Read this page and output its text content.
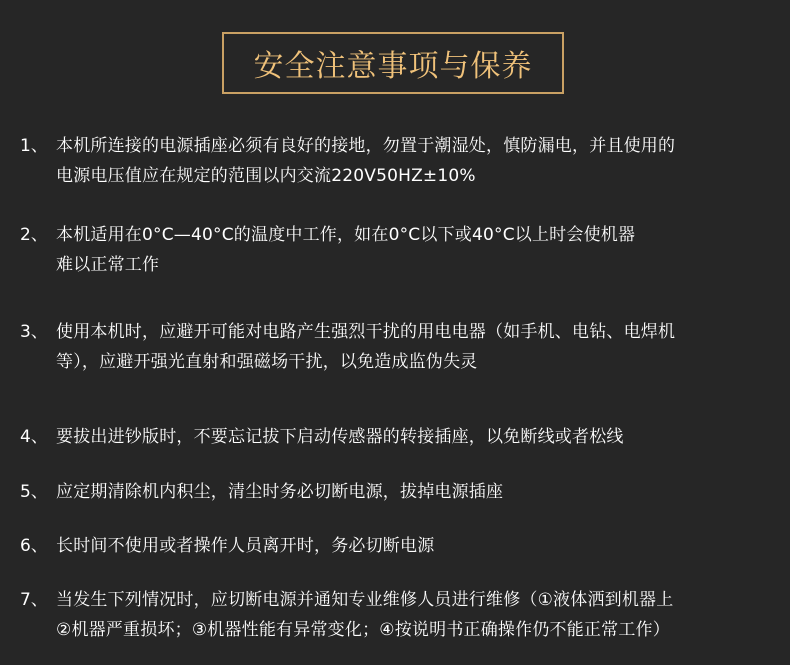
安全注意事项与保养
1、 本机所连接的电源插座必须有良好的接地，勿置于潮湿处，慎防漏电，并且使用的
电源电压值应在规定的范围以内交流220V50HZ±10%
2、 本机适用在0°C—40°C的温度中工作，如在0°C以下或40°C以上时会使机器
难以正常工作
3、 使用本机时，应避开可能对电路产生强烈干扰的用电电器（如手机、电钻、电焊机
等），应避开强光直射和强磁场干扰，以免造成监伪失灵
4、 要拔出进钞版时，不要忘记拔下启动传感器的转接插座，以免断线或者松线
5、 应定期清除机内积尘，清尘时务必切断电源，拔掉电源插座
6、 长时间不使用或者操作人员离开时，务必切断电源
7、 当发生下列情况时，应切断电源并通知专业维修人员进行维修（①液体洒到机器上
②机器严重损坏；③机器性能有异常变化；④按说明书正确操作仍不能正常工作）
